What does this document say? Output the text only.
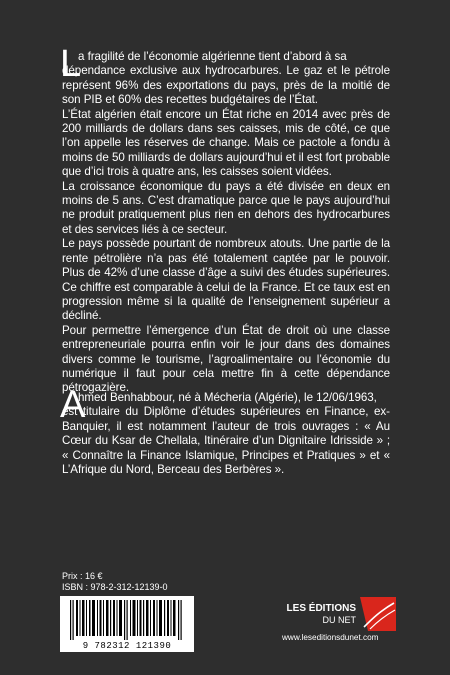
L
a fragilité de l’économie algérienne tient d’abord à sa
dépendance exclusive aux hydrocarbures. Le gaz et le pétrole représent 96% des exportations du pays, près de la moitié de son PIB et 60% des recettes budgétaires de l’État.

L’État algérien était encore un État riche en 2014 avec près de 200 milliards de dollars dans ses caisses, mis de côté, ce que l’on appelle les réserves de change. Mais ce pactole a fondu à moins de 50 milliards de dollars aujourd’hui et il est fort probable que d’ici trois à quatre ans, les caisses soient vidées.

La croissance économique du pays a été divisée en deux en moins de 5 ans. C’est dramatique parce que le pays aujourd’hui ne produit pratiquement plus rien en dehors des hydrocarbures et des services liés à ce secteur.

Le pays possède pourtant de nombreux atouts. Une partie de la rente pétrolière n’a pas été totalement captée par le pouvoir. Plus de 42% d’une classe d’âge a suivi des études supérieures. Ce chiffre est comparable à celui de la France. Et ce taux est en progression même si la qualité de l’enseignement supérieur a décliné.

Pour permettre l’émergence d’un État de droit où une classe entrepreneuriale pourra enfin voir le jour dans des domaines divers comme le tourisme, l’agroalimentaire ou l’économie du numérique il faut pour cela mettre fin à cette dépendance pétrogazière.

A
hmed Benhabbour, né à Mécheria (Algérie), le 12/06/1963,
est titulaire du Diplôme d’études supérieures en Finance, ex-Banquier, il est notamment l’auteur de trois ouvrages : « Au Cœur du Ksar de Chellala, Itinéraire d’un Dignitaire Idrisside » ; « Connaître la Finance Islamique, Principes et Pratiques » et « L’Afrique du Nord, Berceau des Berbères ».

Prix : 16 €
ISBN : 978-2-312-12139-0
9 782312 121390
LES ÉDITIONS
DU NET
www.leseditionsdunet.com
